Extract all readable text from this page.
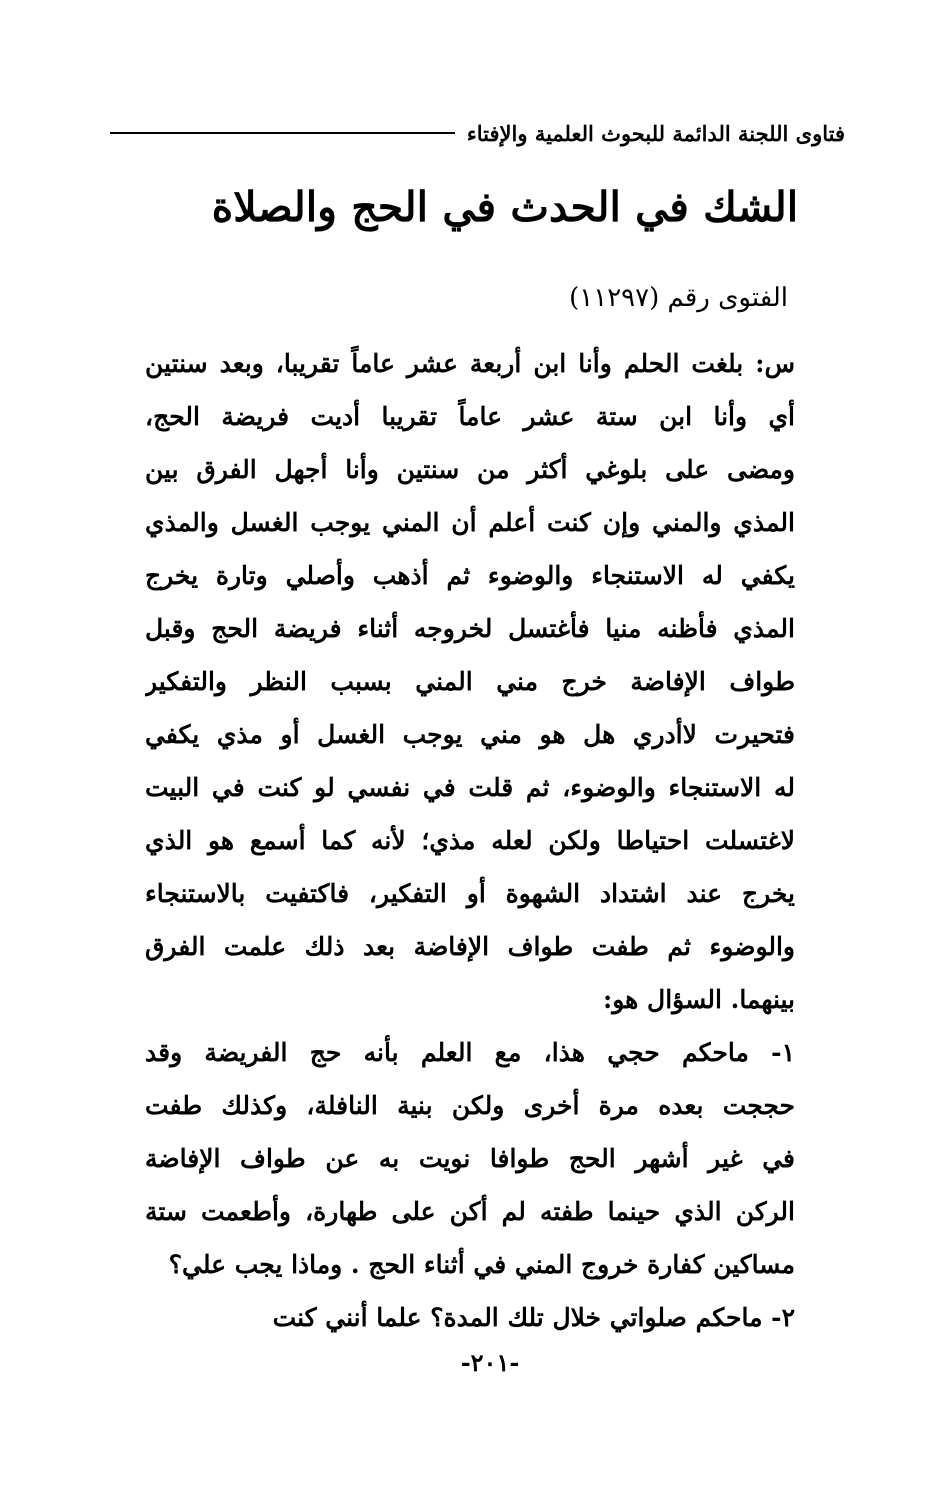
فتاوى اللجنة الدائمة للبحوث العلمية والإفتاء
الشك في الحدث في الحج والصلاة
الفتوى رقم (١١٢٩٧)
س: بلغت الحلم وأنا ابن أربعة عشر عاماً تقريبا، وبعد سنتين
أي وأنا ابن ستة عشر عاماً تقريبا أديت فريضة الحج،
ومضى على بلوغي أكثر من سنتين وأنا أجهل الفرق بين
المذي والمني وإن كنت أعلم أن المني يوجب الغسل والمذي
يكفي له الاستنجاء والوضوء ثم أذهب وأصلي وتارة يخرج
المذي فأظنه منيا فأغتسل لخروجه أثناء فريضة الحج وقبل
طواف الإفاضة خرج مني المني بسبب النظر والتفكير
فتحيرت لاأدري هل هو مني يوجب الغسل أو مذي يكفي
له الاستنجاء والوضوء، ثم قلت في نفسي لو كنت في البيت
لاغتسلت احتياطا ولكن لعله مذي؛ لأنه كما أسمع هو الذي
يخرج عند اشتداد الشهوة أو التفكير، فاكتفيت بالاستنجاء
والوضوء ثم طفت طواف الإفاضة بعد ذلك علمت الفرق
بينهما. السؤال هو:
١- ماحكم حجي هذا، مع العلم بأنه حج الفريضة وقد
حججت بعده مرة أخرى ولكن بنية النافلة، وكذلك طفت
في غير أشهر الحج طوافا نويت به عن طواف الإفاضة
الركن الذي حينما طفته لم أكن على طهارة، وأطعمت ستة
مساكين كفارة خروج المني في أثناء الحج . وماذا يجب علي؟
٢- ماحكم صلواتي خلال تلك المدة؟ علما أنني كنت
-٢٠١-
